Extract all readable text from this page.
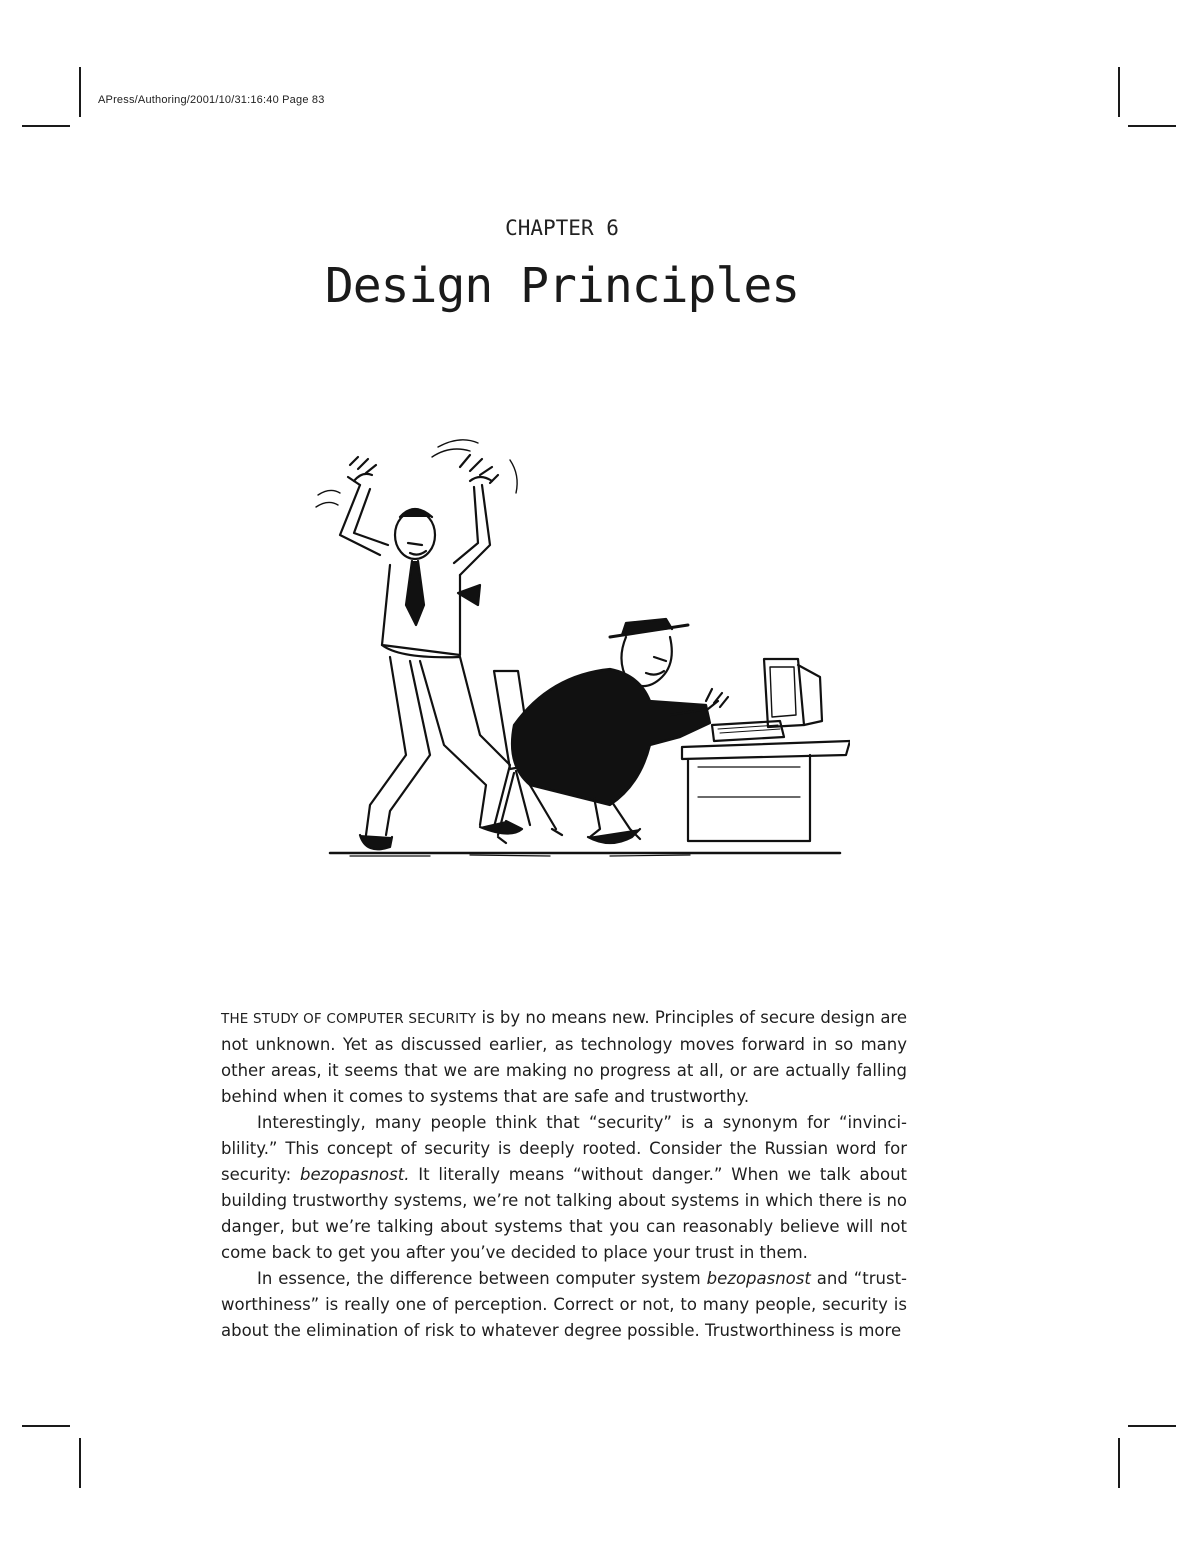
APress/Authoring/2001/10/31:16:40 Page 83
CHAPTER 6
Design Principles

THE STUDY OF COMPUTER SECURITY is by no means new. Principles of secure design are not unknown. Yet as discussed earlier, as technology moves forward in so many other areas, it seems that we are making no progress at all, or are actually falling behind when it comes to systems that are safe and trustworthy.

Interestingly, many people think that “security” is a synonym for “invinci-blility.” This concept of security is deeply rooted. Consider the Russian word for security: bezopasnost. It literally means “without danger.” When we talk about building trustworthy systems, we’re not talking about systems in which there is no danger, but we’re talking about systems that you can reasonably believe will not come back to get you after you’ve decided to place your trust in them.

In essence, the difference between computer system bezopasnost and “trust-worthiness” is really one of perception. Correct or not, to many people, security is about the elimination of risk to whatever degree possible. Trustworthiness is more
